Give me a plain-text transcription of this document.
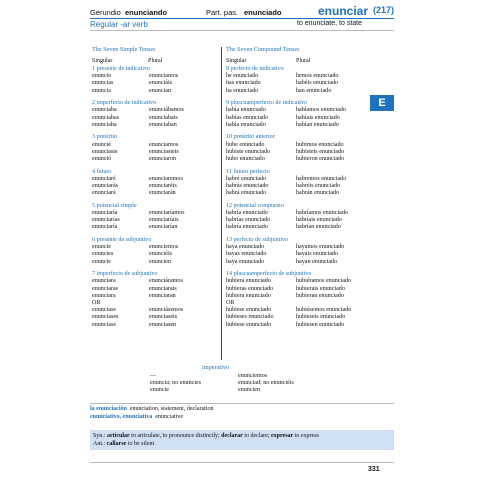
Gerundio enunciando	Part. pas. enunciado	enunciar (217)
Regular -ar verb	to enunciate, to state
The Seven Simple Tenses	The Seven Compound Tenses
Singular	Plural	Singular	Plural
1 presente de indicativo
enuncio	enunciamos
enuncias	enunciáis
enuncia	enuncian
2 imperfecto de indicativo
enunciaba	enunciábamos
enunciabas	enunciabais
enunciaba	enunciaban
3 pretérito
enuncié	enunciamos
enunciaste	enunciasteis
enunció	enunciaron
4 futuro
enunciaré	enunciaremos
enunciarás	enunciaréis
enunciará	enunciarán
5 potencial simple
enunciaría	enunciaríamos
enunciarías	enunciaríais
enunciaría	enunciarían
6 presente de subjuntivo
enuncie	enunciemos
enuncies	enunciéis
enuncie	enuncien
7 imperfecto de subjuntivo
enunciara	enunciáramos
enunciaras	enunciarais
enunciara	enunciaran
OR
enunciase	enunciásemos
enunciases	enunciaseis
enunciase	enunciasen
8 perfecto de indicativo
he enunciado	hemos enunciado
has enunciado	habéis enunciado
ha enunciado	han enunciado
9 pluscuamperfecto de indicativo
había enunciado	habíamos enunciado
habías enunciado	habíais enunciado
había enunciado	habían enunciado
10 pretérito anterior
hube enunciado	hubimos enunciado
hubiste enunciado	hubisteis enunciado
hubo enunciado	hubieron enunciado
11 futuro perfecto
habré enunciado	habremos enunciado
habrás enunciado	habréis enunciado
habrá enunciado	habrán enunciado
12 potencial compuesto
habría enunciado	habríamos enunciado
habrías enunciado	habríais enunciado
habría enunciado	habrían enunciado
13 perfecto de subjuntivo
haya enunciado	hayamos enunciado
hayas enunciado	hayáis enunciado
haya enunciado	hayan enunciado
14 pluscuamperfecto de subjuntivo
hubiera enunciado	hubiéramos enunciado
hubieras enunciado	hubierais enunciado
hubiera enunciado	hubieran enunciado
OR
hubiese enunciado	hubiésemos enunciado
hubieses enunciado	hubieseis enunciado
hubiese enunciado	hubiesen enunciado
E
imperativo
—	enunciemos
enuncia; no enuncies	enunciad; no enunciéis
enuncie	enuncien
la enunciación enunciation, statement, declaration
enunciativo, enunciativa enunciative
Syn.: articular to articulate, to pronounce distinctly; declarar to declare; expresar to express
Ant.: callarse to be silent
331
